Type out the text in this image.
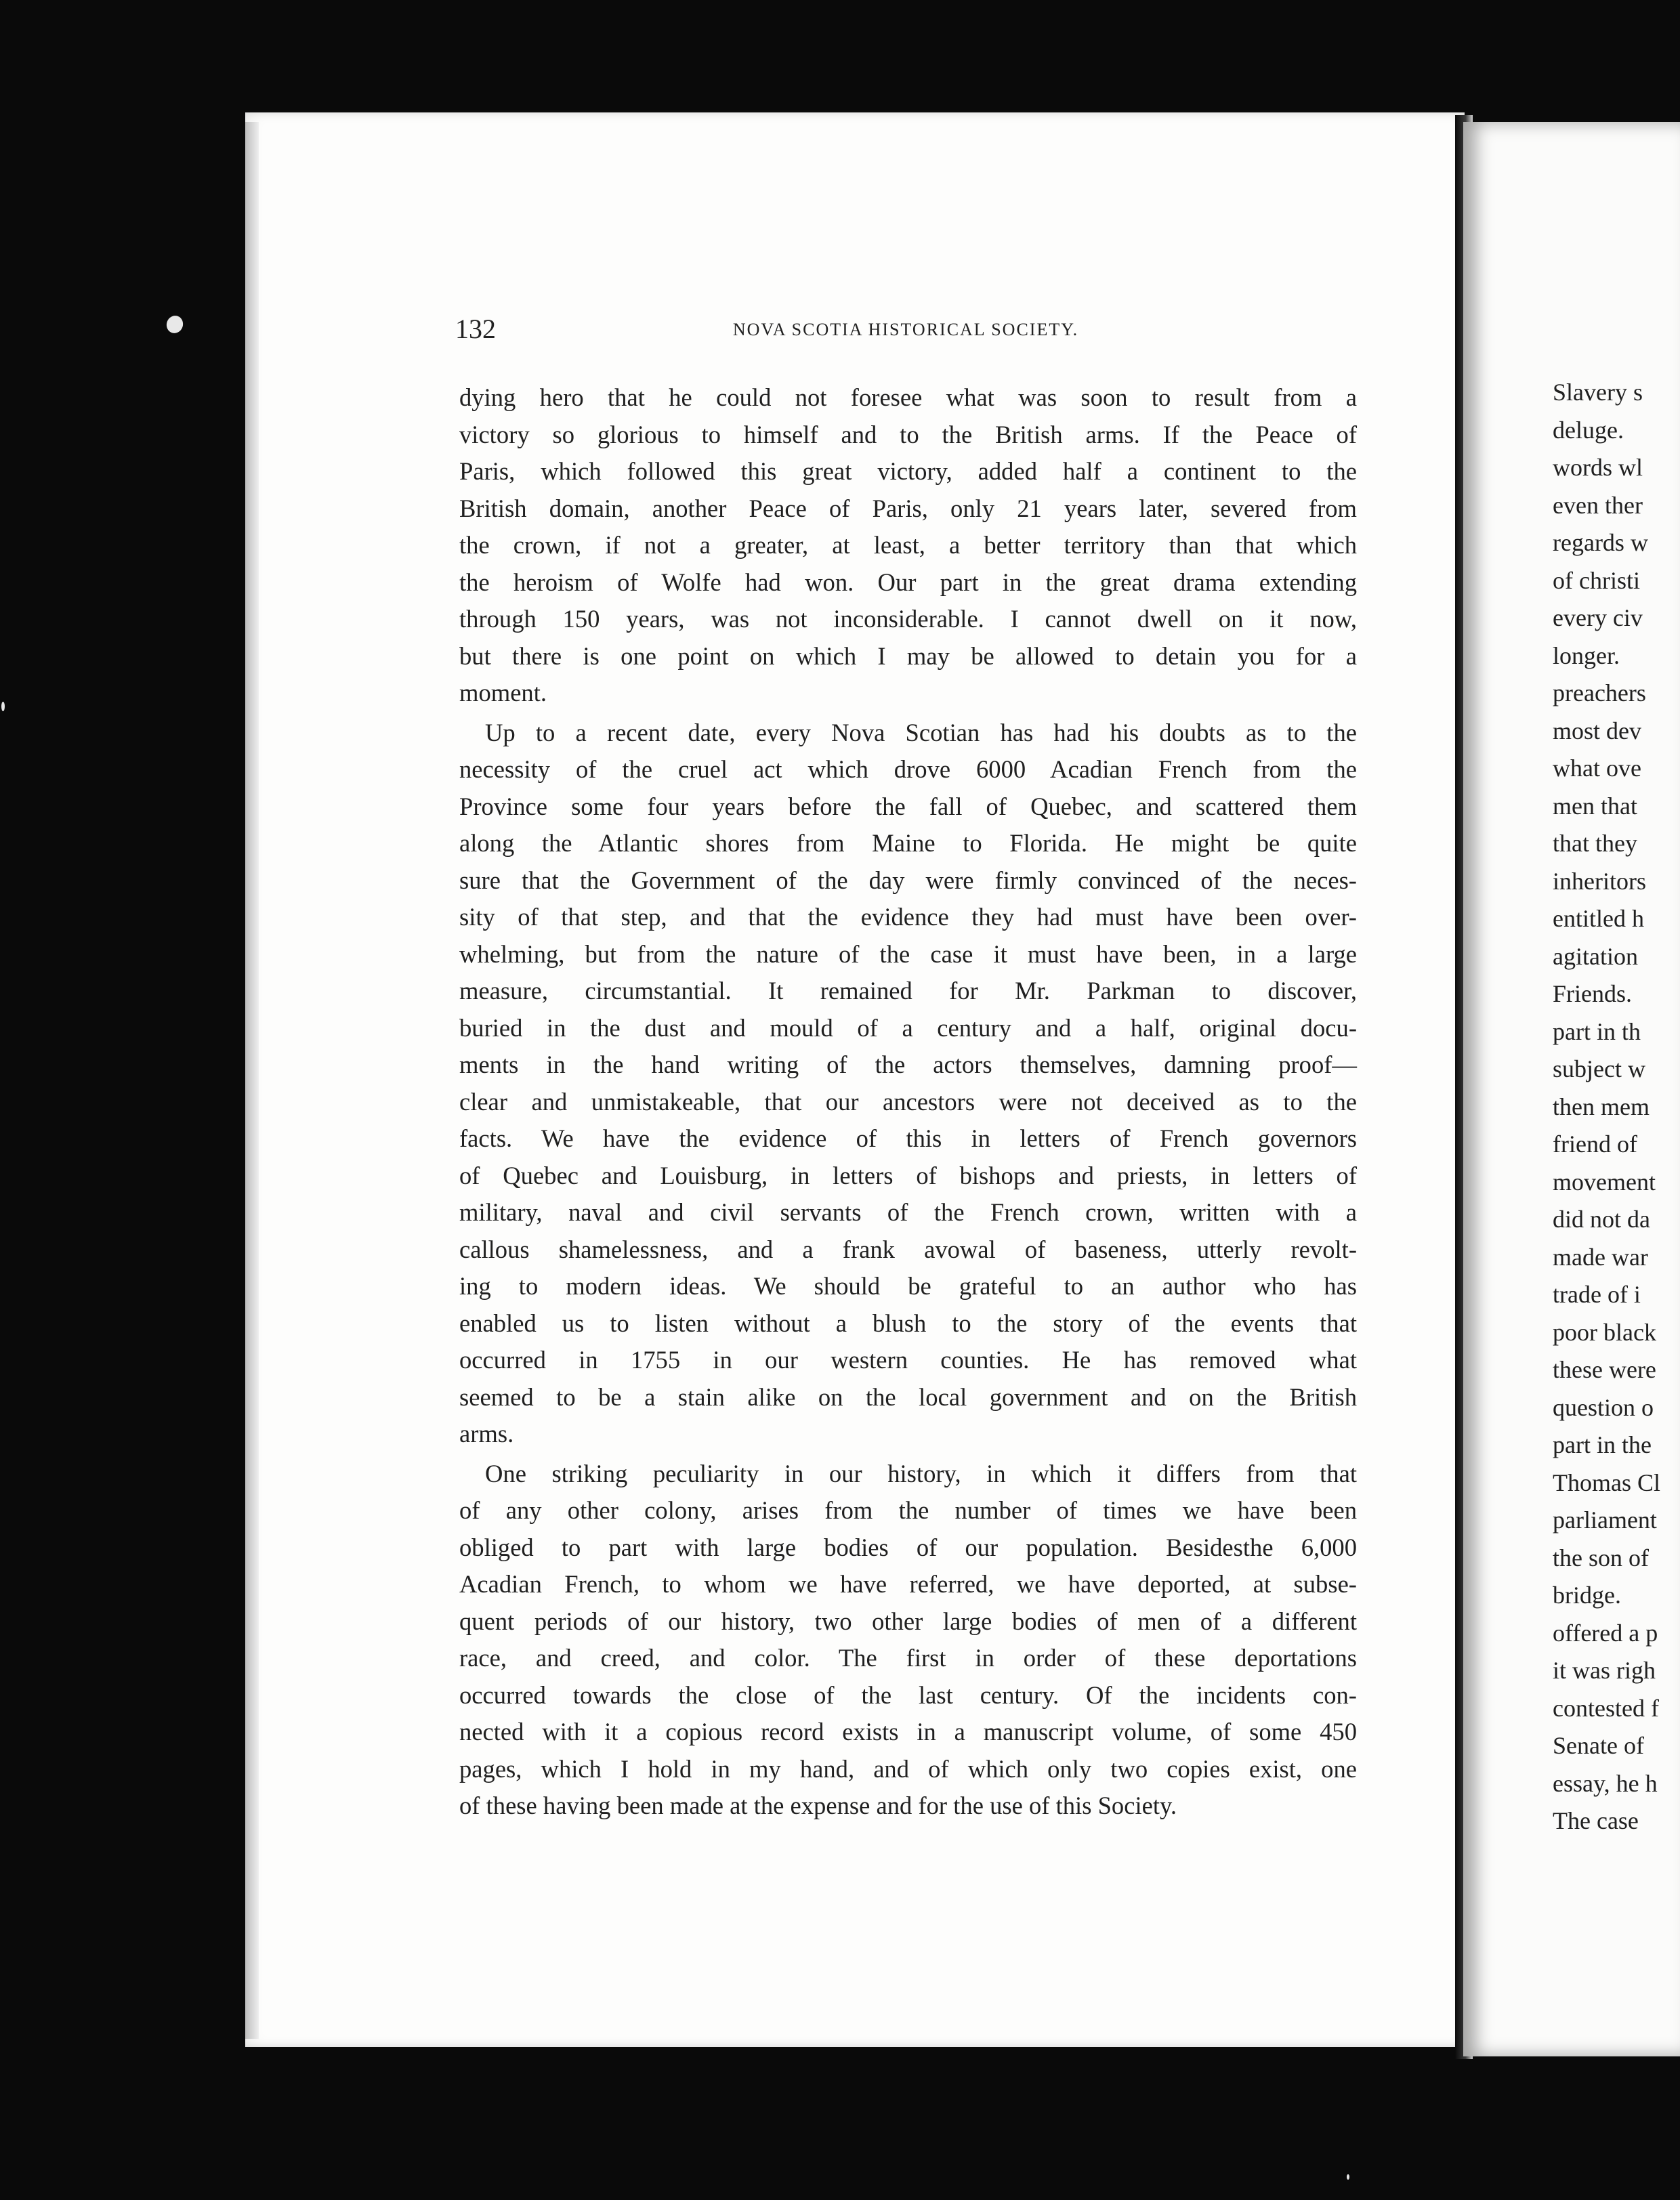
Slavery s
deluge.
words wl
even ther
regards w
of christi
every civ
longer.
preachers
most dev
what ove
men that
that they
inheritors
entitled h
agitation
Friends.
part in th
subject w
then mem
friend of
movement
did not da
made war
trade of i
poor black
these were
question o
part in the
Thomas Cl
parliament
the son of
bridge.
offered a p
it was righ
contested f
Senate of
essay, he h
The case
132	NOVA SCOTIA HISTORICAL SOCIETY.
dying hero that he could not foresee what was soon to result from a
victory so glorious to himself and to the British arms. If the Peace of
Paris, which followed this great victory, added half a continent to the
British domain, another Peace of Paris, only 21 years later, severed from
the crown, if not a greater, at least, a better territory than that which
the heroism of Wolfe had won. Our part in the great drama extending
through 150 years, was not inconsiderable. I cannot dwell on it now,
but there is one point on which I may be allowed to detain you for a
moment.
Up to a recent date, every Nova Scotian has had his doubts as to the
necessity of the cruel act which drove 6000 Acadian French from the
Province some four years before the fall of Quebec, and scattered them
along the Atlantic shores from Maine to Florida. He might be quite
sure that the Government of the day were firmly convinced of the neces-
sity of that step, and that the evidence they had must have been over-
whelming, but from the nature of the case it must have been, in a large
measure, circumstantial. It remained for Mr. Parkman to discover,
buried in the dust and mould of a century and a half, original docu-
ments in the hand writing of the actors themselves, damning proof—
clear and unmistakeable, that our ancestors were not deceived as to the
facts. We have the evidence of this in letters of French governors
of Quebec and Louisburg, in letters of bishops and priests, in letters of
military, naval and civil servants of the French crown, written with a
callous shamelessness, and a frank avowal of baseness, utterly revolt-
ing to modern ideas. We should be grateful to an author who has
enabled us to listen without a blush to the story of the events that
occurred in 1755 in our western counties. He has removed what
seemed to be a stain alike on the local government and on the British
arms.
One striking peculiarity in our history, in which it differs from that
of any other colony, arises from the number of times we have been
obliged to part with large bodies of our population. Besidesthe 6,000
Acadian French, to whom we have referred, we have deported, at subse-
quent periods of our history, two other large bodies of men of a different
race, and creed, and color. The first in order of these deportations
occurred towards the close of the last century. Of the incidents con-
nected with it a copious record exists in a manuscript volume, of some 450
pages, which I hold in my hand, and of which only two copies exist, one
of these having been made at the expense and for the use of this Society.
